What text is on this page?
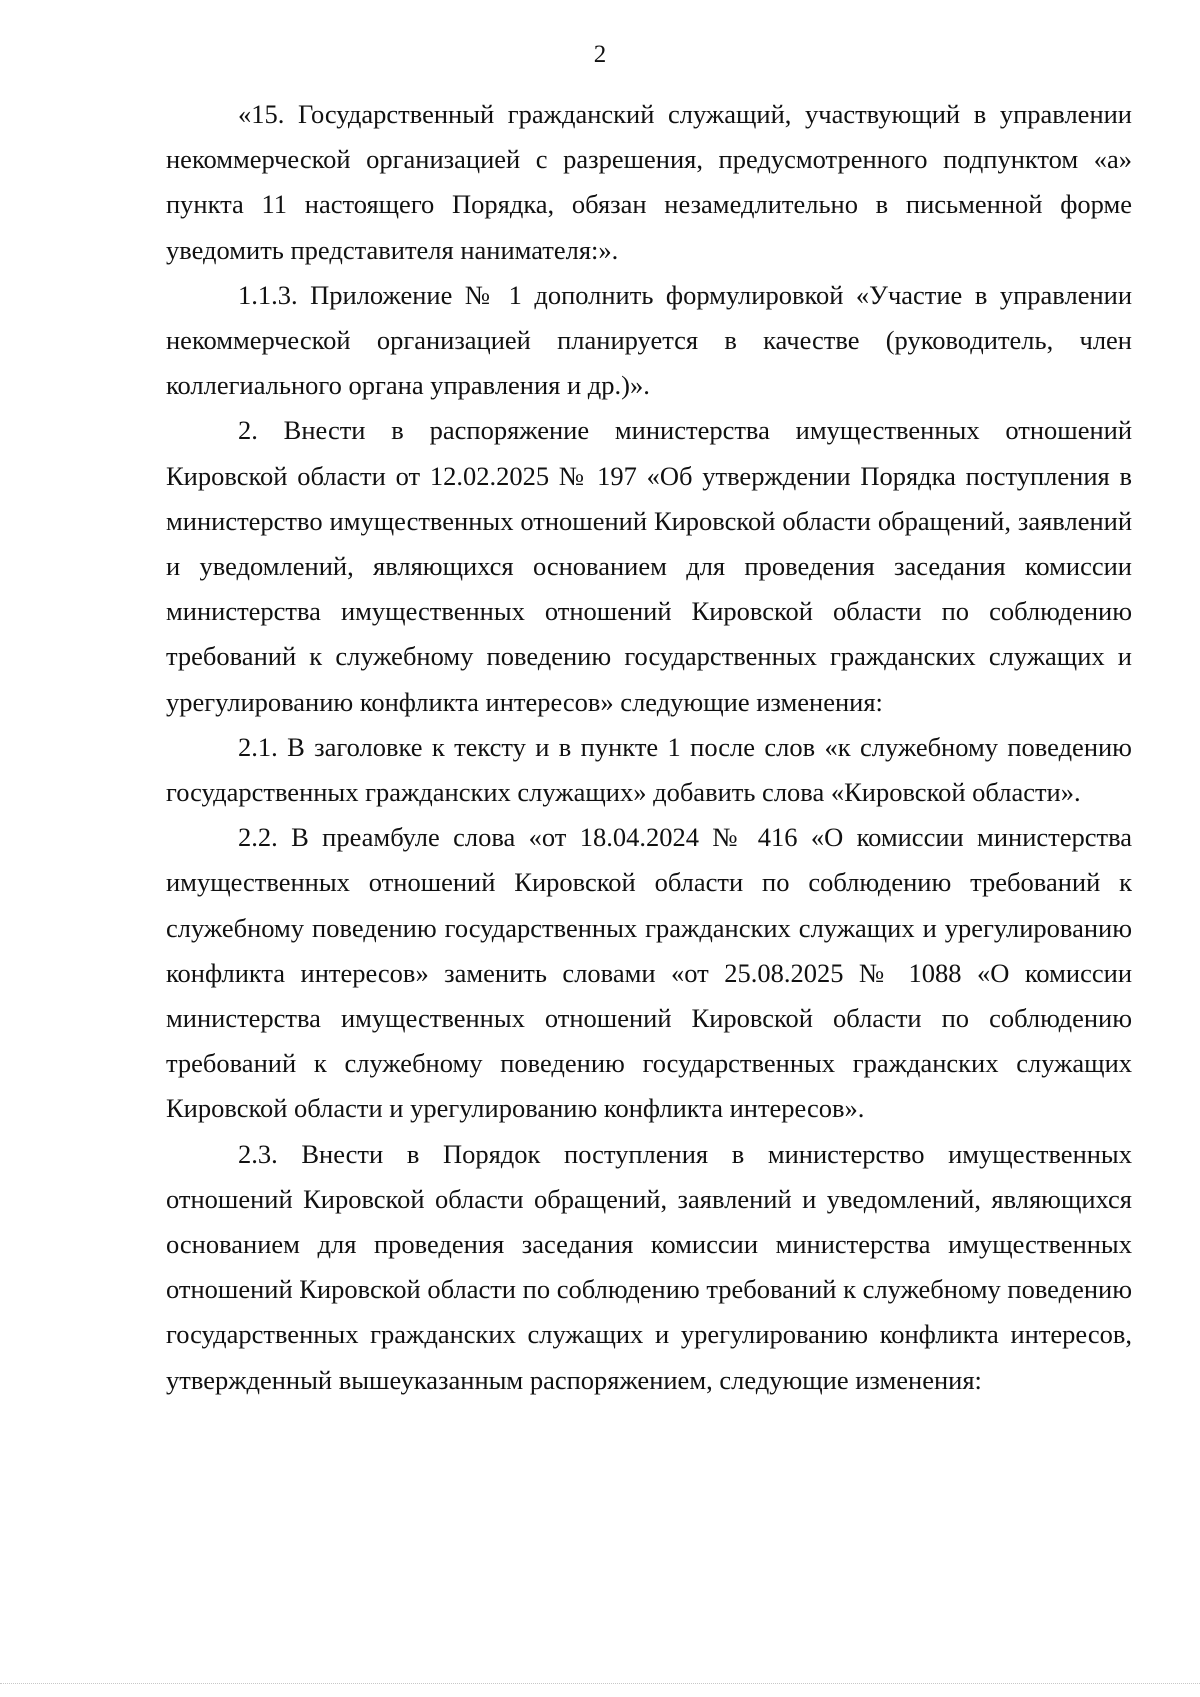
2

«15. Государственный гражданский служащий, участвующий в управлении некоммерческой организацией с разрешения, предусмотренного подпунктом «а» пункта 11 настоящего Порядка, обязан незамедлительно в письменной форме уведомить представителя нанимателя:».

1.1.3. Приложение № 1 дополнить формулировкой «Участие в управлении некоммерческой организацией планируется в качестве (руководитель, член коллегиального органа управления и др.)».

2. Внести в распоряжение министерства имущественных отношений Кировской области от 12.02.2025 № 197 «Об утверждении Порядка поступления в министерство имущественных отношений Кировской области обращений, заявлений и уведомлений, являющихся основанием для проведения заседания комиссии министерства имущественных отношений Кировской области по соблюдению требований к служебному поведению государственных гражданских служащих и урегулированию конфликта интересов» следующие изменения:

2.1. В заголовке к тексту и в пункте 1 после слов «к служебному поведению государственных гражданских служащих» добавить слова «Кировской области».

2.2. В преамбуле слова «от 18.04.2024 № 416 «О комиссии министерства имущественных отношений Кировской области по соблюдению требований к служебному поведению государственных гражданских служащих и урегулированию конфликта интересов» заменить словами «от 25.08.2025 № 1088 «О комиссии министерства имущественных отношений Кировской области по соблюдению требований к служебному поведению государственных гражданских служащих Кировской области и урегулированию конфликта интересов».

2.3. Внести в Порядок поступления в министерство имущественных отношений Кировской области обращений, заявлений и уведомлений, являющихся основанием для проведения заседания комиссии министерства имущественных отношений Кировской области по соблюдению требований к служебному поведению государственных гражданских служащих и урегулированию конфликта интересов, утвержденный вышеуказанным распоряжением, следующие изменения:
